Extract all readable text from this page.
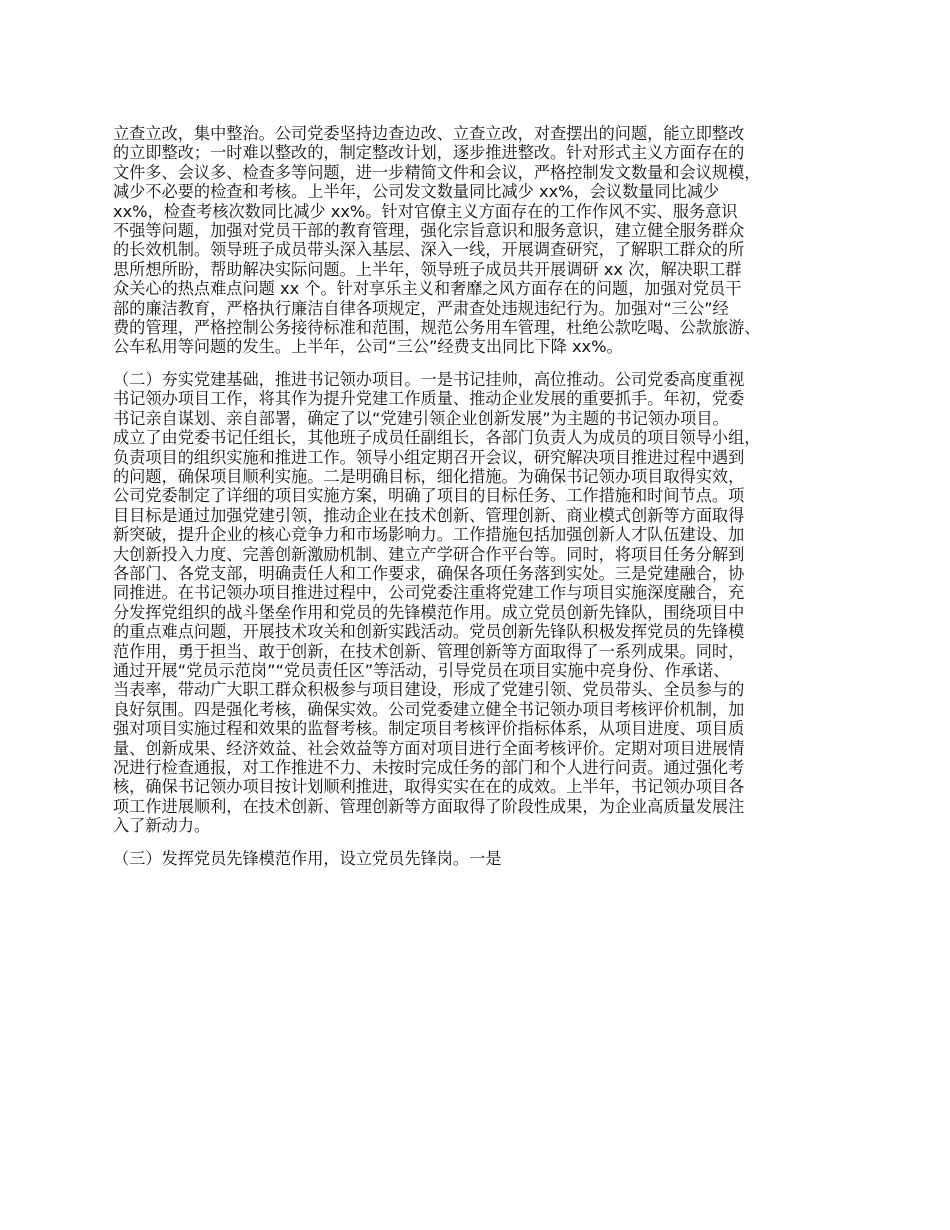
立查立改，集中整治。公司党委坚持边查边改、立查立改，对查摆出的问题，能立即整改
的立即整改；一时难以整改的，制定整改计划，逐步推进整改。针对形式主义方面存在的
文件多、会议多、检查多等问题，进一步精简文件和会议，严格控制发文数量和会议规模，
减少不必要的检查和考核。上半年，公司发文数量同比减少 xx%，会议数量同比减少
xx%，检查考核次数同比减少 xx%。针对官僚主义方面存在的工作作风不实、服务意识
不强等问题，加强对党员干部的教育管理，强化宗旨意识和服务意识，建立健全服务群众
的长效机制。领导班子成员带头深入基层、深入一线，开展调查研究，了解职工群众的所
思所想所盼，帮助解决实际问题。上半年，领导班子成员共开展调研 xx 次，解决职工群
众关心的热点难点问题 xx 个。针对享乐主义和奢靡之风方面存在的问题，加强对党员干
部的廉洁教育，严格执行廉洁自律各项规定，严肃查处违规违纪行为。加强对“三公”经
费的管理，严格控制公务接待标准和范围，规范公务用车管理，杜绝公款吃喝、公款旅游、
公车私用等问题的发生。上半年，公司“三公”经费支出同比下降 xx%。
（二）夯实党建基础，推进书记领办项目。一是书记挂帅，高位推动。公司党委高度重视
书记领办项目工作，将其作为提升党建工作质量、推动企业发展的重要抓手。年初，党委
书记亲自谋划、亲自部署，确定了以“党建引领企业创新发展”为主题的书记领办项目。
成立了由党委书记任组长，其他班子成员任副组长，各部门负责人为成员的项目领导小组，
负责项目的组织实施和推进工作。领导小组定期召开会议，研究解决项目推进过程中遇到
的问题，确保项目顺利实施。二是明确目标，细化措施。为确保书记领办项目取得实效，
公司党委制定了详细的项目实施方案，明确了项目的目标任务、工作措施和时间节点。项
目目标是通过加强党建引领，推动企业在技术创新、管理创新、商业模式创新等方面取得
新突破，提升企业的核心竞争力和市场影响力。工作措施包括加强创新人才队伍建设、加
大创新投入力度、完善创新激励机制、建立产学研合作平台等。同时，将项目任务分解到
各部门、各党支部，明确责任人和工作要求，确保各项任务落到实处。三是党建融合，协
同推进。在书记领办项目推进过程中，公司党委注重将党建工作与项目实施深度融合，充
分发挥党组织的战斗堡垒作用和党员的先锋模范作用。成立党员创新先锋队，围绕项目中
的重点难点问题，开展技术攻关和创新实践活动。党员创新先锋队积极发挥党员的先锋模
范作用，勇于担当、敢于创新，在技术创新、管理创新等方面取得了一系列成果。同时，
通过开展“党员示范岗”“党员责任区”等活动，引导党员在项目实施中亮身份、作承诺、
当表率，带动广大职工群众积极参与项目建设，形成了党建引领、党员带头、全员参与的
良好氛围。四是强化考核，确保实效。公司党委建立健全书记领办项目考核评价机制，加
强对项目实施过程和效果的监督考核。制定项目考核评价指标体系，从项目进度、项目质
量、创新成果、经济效益、社会效益等方面对项目进行全面考核评价。定期对项目进展情
况进行检查通报，对工作推进不力、未按时完成任务的部门和个人进行问责。通过强化考
核，确保书记领办项目按计划顺利推进，取得实实在在的成效。上半年，书记领办项目各
项工作进展顺利，在技术创新、管理创新等方面取得了阶段性成果，为企业高质量发展注
入了新动力。
（三）发挥党员先锋模范作用，设立党员先锋岗。一是
